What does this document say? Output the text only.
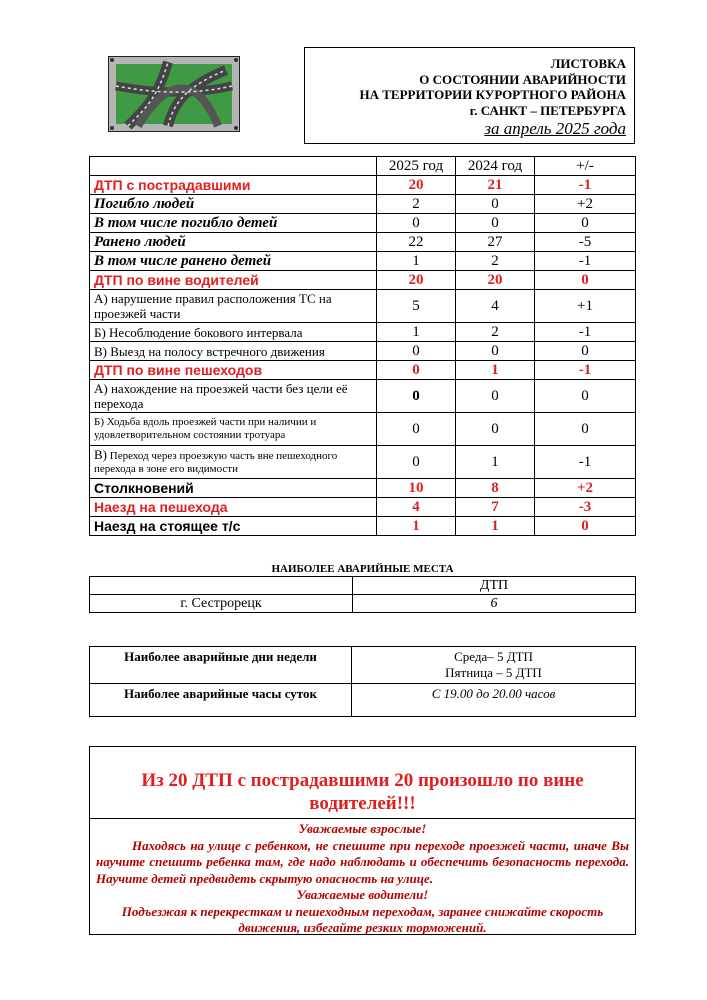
ЛИСТОВКА
О СОСТОЯНИИ АВАРИЙНОСТИ
НА ТЕРРИТОРИИ КУРОРТНОГО РАЙОНА
г. САНКТ – ПЕТЕРБУРГА
за апрель 2025 года
	2025 год	2024 год	+/-
ДТП с пострадавшими	20	21	-1
Погибло людей	2	0	+2
В том числе погибло детей	0	0	0
Ранено людей	22	27	-5
В том числе ранено детей	1	2	-1
ДТП по вине водителей	20	20	0
А) нарушение правил расположения ТС на проезжей части	5	4	+1
Б) Несоблюдение бокового интервала	1	2	-1
В) Выезд на полосу встречного движения	0	0	0
ДТП по вине пешеходов	0	1	-1
А) нахождение на проезжей части без цели её перехода	0	0	0
Б) Ходьба вдоль проезжей части при наличии и удовлетворительном состоянии тротуара	0	0	0
В) Переход через проезжую часть вне пешеходного перехода в зоне его видимости	0	1	-1
Столкновений	10	8	+2
Наезд на пешехода	4	7	-3
Наезд на стоящее т/с	1	1	0
НАИБОЛЕЕ АВАРИЙНЫЕ МЕСТА
	ДТП
г. Сестрорецк	6
Наиболее аварийные дни недели	Среда– 5 ДТП
Пятница – 5 ДТП

Наиболее аварийные часы суток	С 19.00 до 20.00 часов
Из 20 ДТП с пострадавшими 20 произошло по вине водителей!!!
Уважаемые взрослые!
Находясь на улице с ребенком, не спешите при переходе проезжей части, иначе Вы научите спешить ребенка там, где надо наблюдать и обеспечить безопасность перехода. Научите детей предвидеть скрытую опасность на улице.
Уважаемые водители!
Подъезжая к перекресткам и пешеходным переходам, заранее снижайте скорость движения, избегайте резких торможений.
